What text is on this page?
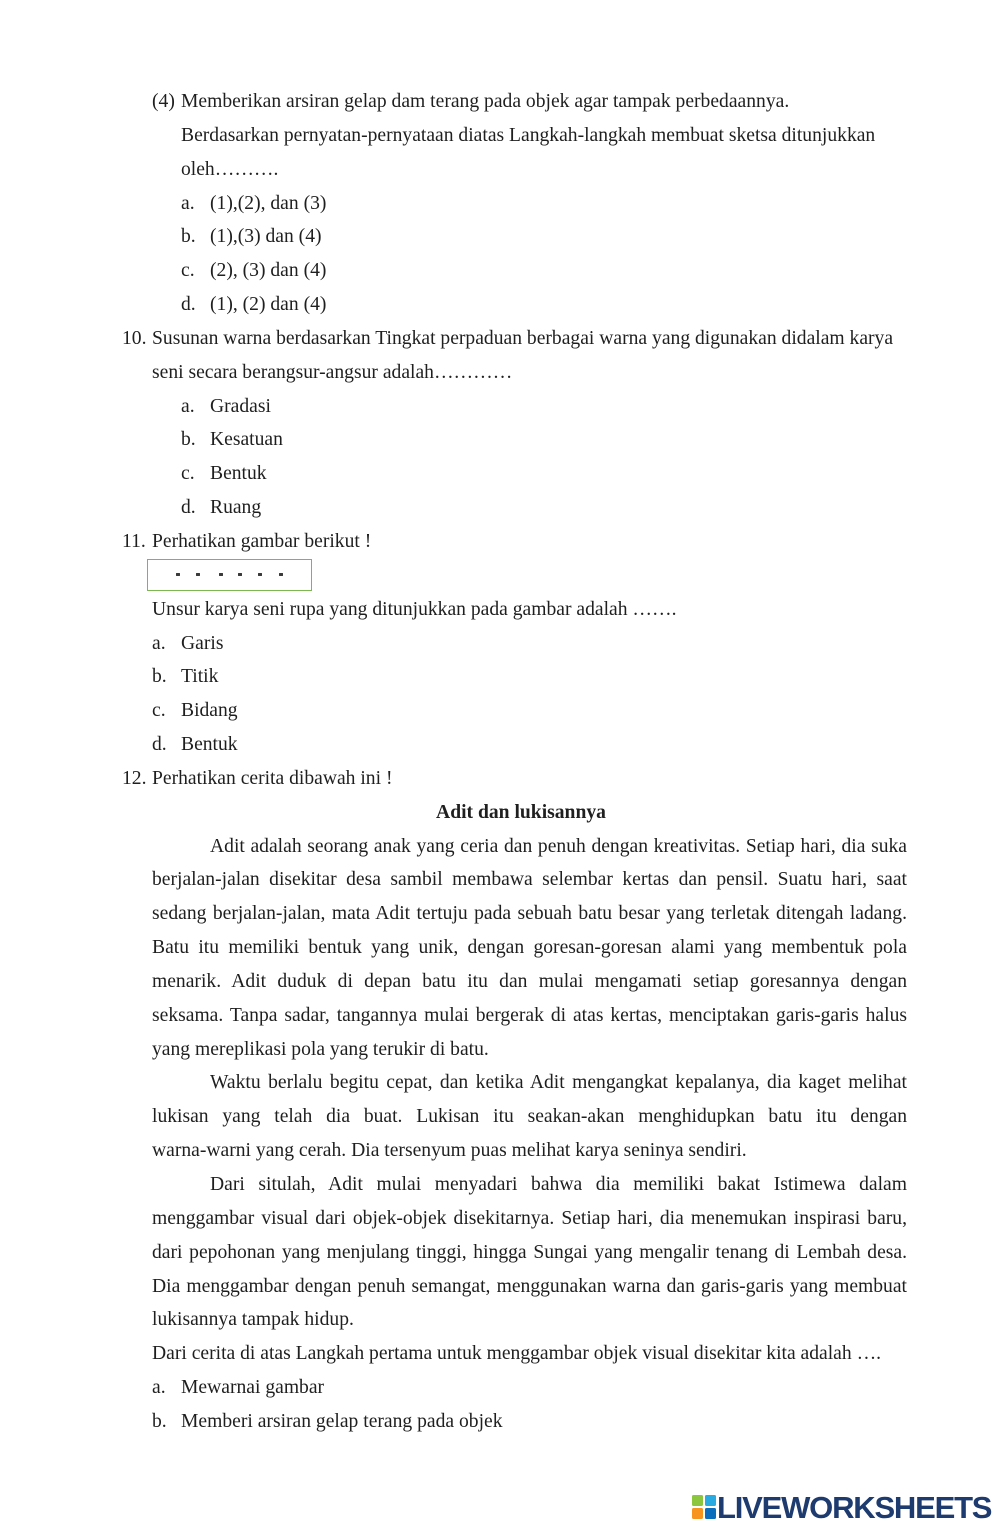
(4) Memberikan arsiran gelap dam terang pada objek agar tampak perbedaannya.
Berdasarkan pernyatan-pernyataan diatas Langkah-langkah membuat sketsa ditunjukkan
oleh……….
a. (1),(2), dan (3)
b. (1),(3) dan (4)
c. (2), (3) dan (4)
d. (1), (2) dan (4)
10. Susunan warna berdasarkan Tingkat perpaduan berbagai warna yang digunakan didalam karya
seni secara berangsur-angsur adalah…………
a. Gradasi
b. Kesatuan
c. Bentuk
d. Ruang
11. Perhatikan gambar berikut !
Unsur karya seni rupa yang ditunjukkan pada gambar adalah …….
a. Garis
b. Titik
c. Bidang
d. Bentuk
12. Perhatikan cerita dibawah ini !
Adit dan lukisannya
Adit adalah seorang anak yang ceria dan penuh dengan kreativitas. Setiap hari, dia suka
berjalan-jalan disekitar desa sambil membawa selembar kertas dan pensil. Suatu hari, saat
sedang berjalan-jalan, mata Adit tertuju pada sebuah batu besar yang terletak ditengah ladang.
Batu itu memiliki bentuk yang unik, dengan goresan-goresan alami yang membentuk pola
menarik. Adit duduk di depan batu itu dan mulai mengamati setiap goresannya dengan
seksama. Tanpa sadar, tangannya mulai bergerak di atas kertas, menciptakan garis-garis halus
yang mereplikasi pola yang terukir di batu.
Waktu berlalu begitu cepat, dan ketika Adit mengangkat kepalanya, dia kaget melihat
lukisan yang telah dia buat. Lukisan itu seakan-akan menghidupkan batu itu dengan
warna-warni yang cerah. Dia tersenyum puas melihat karya seninya sendiri.
Dari situlah, Adit mulai menyadari bahwa dia memiliki bakat Istimewa dalam
menggambar visual dari objek-objek disekitarnya. Setiap hari, dia menemukan inspirasi baru,
dari pepohonan yang menjulang tinggi, hingga Sungai yang mengalir tenang di Lembah desa.
Dia menggambar dengan penuh semangat, menggunakan warna dan garis-garis yang membuat
lukisannya tampak hidup.
Dari cerita di atas Langkah pertama untuk menggambar objek visual disekitar kita adalah ….
a. Mewarnai gambar
b. Memberi arsiran gelap terang pada objek
LIVEWORKSHEETS
